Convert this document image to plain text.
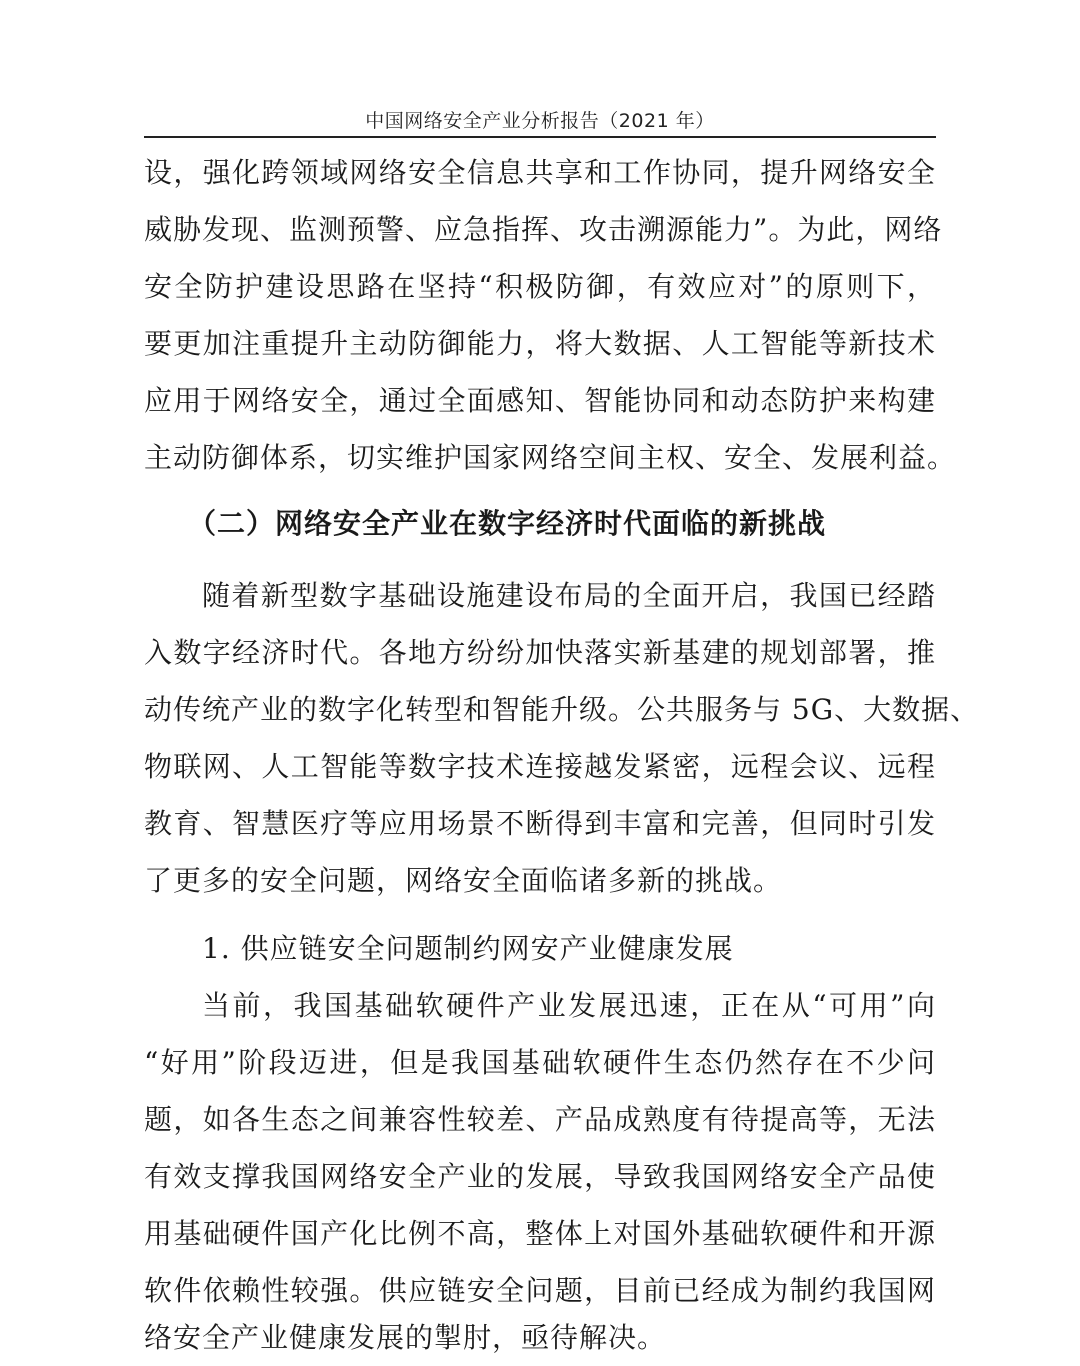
中国网络安全产业分析报告（2021 年）
设，强化跨领域网络安全信息共享和工作协同，提升网络安全
威胁发现、监测预警、应急指挥、攻击溯源能力”。为此，网络
安全防护建设思路在坚持“积极防御，有效应对”的原则下，
要更加注重提升主动防御能力，将大数据、人工智能等新技术
应用于网络安全，通过全面感知、智能协同和动态防护来构建
主动防御体系，切实维护国家网络空间主权、安全、发展利益。
（二）网络安全产业在数字经济时代面临的新挑战
随着新型数字基础设施建设布局的全面开启，我国已经踏
入数字经济时代。各地方纷纷加快落实新基建的规划部署，推
动传统产业的数字化转型和智能升级。公共服务与 5G、大数据、
物联网、人工智能等数字技术连接越发紧密，远程会议、远程
教育、智慧医疗等应用场景不断得到丰富和完善，但同时引发
了更多的安全问题，网络安全面临诸多新的挑战。
1. 供应链安全问题制约网安产业健康发展
当前，我国基础软硬件产业发展迅速，正在从“可用”向
“好用”阶段迈进，但是我国基础软硬件生态仍然存在不少问
题，如各生态之间兼容性较差、产品成熟度有待提高等，无法
有效支撑我国网络安全产业的发展，导致我国网络安全产品使
用基础硬件国产化比例不高，整体上对国外基础软硬件和开源
软件依赖性较强。供应链安全问题，目前已经成为制约我国网
络安全产业健康发展的掣肘，亟待解决。
